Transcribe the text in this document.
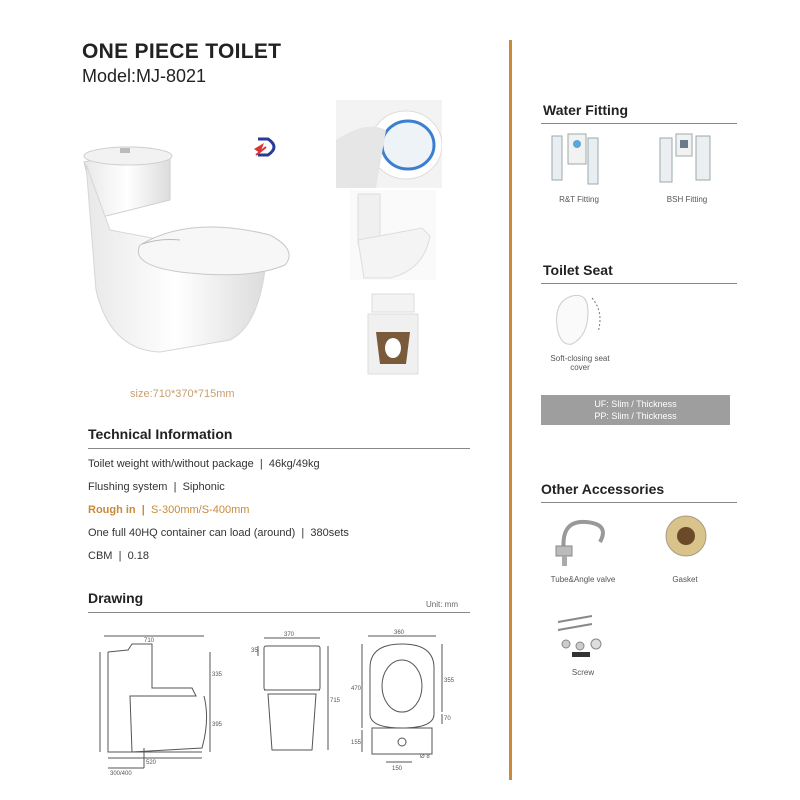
ONE PIECE TOILET
Model:MJ-8021
size:710*370*715mm
Technical Information
Toilet weight with/without package | 46kg/49kg
Flushing system | Siphonic
Rough in | S-300mm/S-400mm
One full 40HQ container can load (around) | 380sets
CBM | 0.18
Drawing	Unit: mm
710
335
395
520
300/400
370
35
715
360
470
355
70
155
150
Ø 8
Water Fitting
R&T Fitting	BSH Fitting
Toilet Seat
Soft-closing seat cover
UF: Slim / Thickness
PP: Slim / Thickness
Other Accessories
Tube&Angle valve	Gasket
Screw
